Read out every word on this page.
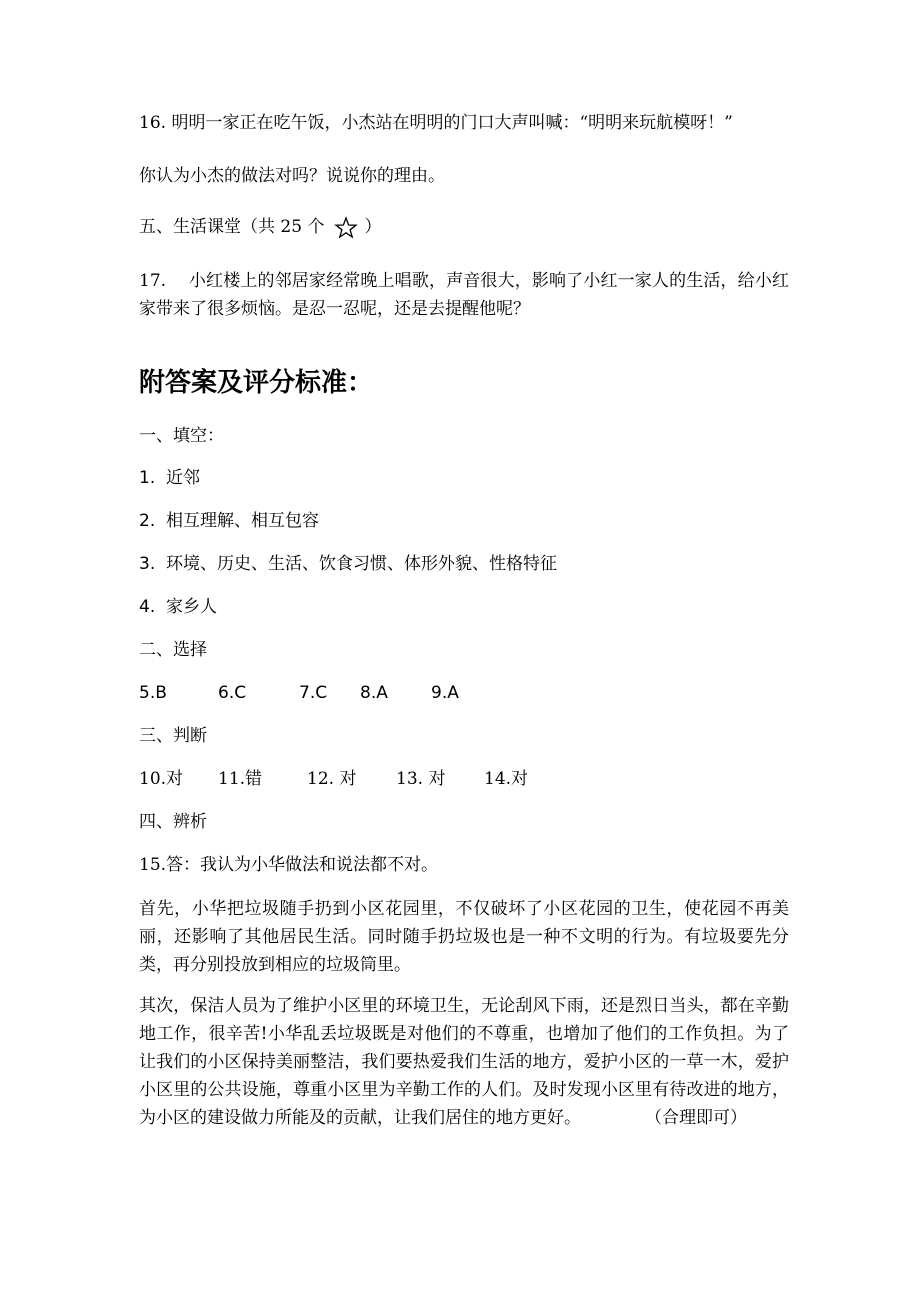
16. 明明一家正在吃午饭，小杰站在明明的门口大声叫喊：“明明来玩航模呀！”
你认为小杰的做法对吗？说说你的理由。
五、生活课堂（共 25 个 ）
17.　 小红楼上的邻居家经常晚上唱歌，声音很大，影响了小红一家人的生活，给小红家带来了很多烦恼。是忍一忍呢，还是去提醒他呢？
附答案及评分标准：
一、填空：
1. 近邻
2. 相互理解、相互包容
3. 环境、历史、生活、饮食习惯、体形外貌、性格特征
4. 家乡人
二、选择
5.B	6.C	7.C 8.A	9.A
三、判断
10.对 11.错	12. 对 13. 对 14.对
四、辨析
15.答：我认为小华做法和说法都不对。
首先，小华把垃圾随手扔到小区花园里，不仅破坏了小区花园的卫生，使花园不再美丽，还影响了其他居民生活。同时随手扔垃圾也是一种不文明的行为。有垃圾要先分类，再分别投放到相应的垃圾筒里。
其次，保洁人员为了维护小区里的环境卫生，无论刮风下雨，还是烈日当头，都在辛勤地工作，很辛苦!小华乱丢垃圾既是对他们的不尊重，也增加了他们的工作负担。为了让我们的小区保持美丽整洁，我们要热爱我们生活的地方，爱护小区的一草一木，爱护小区里的公共设施，尊重小区里为辛勤工作的人们。及时发现小区里有待改进的地方，为小区的建设做力所能及的贡献，让我们居住的地方更好。	（合理即可）
